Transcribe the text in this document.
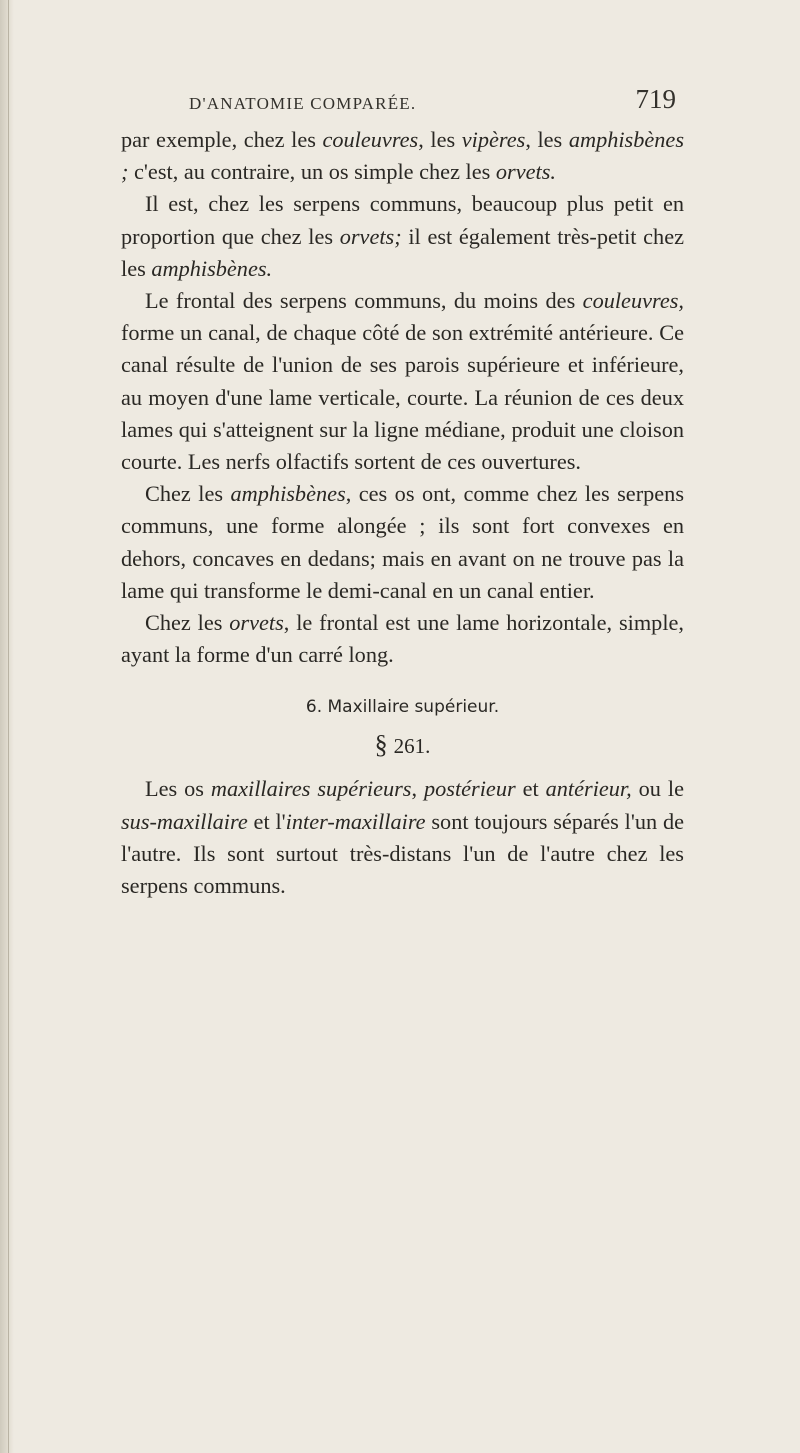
D'ANATOMIE COMPARÉE.	719

par exemple, chez les couleuvres, les vipères, les amphisbènes ; c'est, au contraire, un os simple chez les orvets.

Il est, chez les serpens communs, beaucoup plus petit en proportion que chez les orvets; il est également très-petit chez les amphisbènes.

Le frontal des serpens communs, du moins des couleuvres, forme un canal, de chaque côté de son extrémité antérieure. Ce canal résulte de l'union de ses parois supérieure et inférieure, au moyen d'une lame verticale, courte. La réunion de ces deux lames qui s'atteignent sur la ligne médiane, produit une cloison courte. Les nerfs olfactifs sortent de ces ouvertures.

Chez les amphisbènes, ces os ont, comme chez les serpens communs, une forme alongée ; ils sont fort convexes en dehors, concaves en dedans; mais en avant on ne trouve pas la lame qui transforme le demi-canal en un canal entier.

Chez les orvets, le frontal est une lame horizontale, simple, ayant la forme d'un carré long.

6. Maxillaire supérieur.
§ 261.

Les os maxillaires supérieurs, postérieur et antérieur, ou le sus-maxillaire et l'inter-maxillaire sont toujours séparés l'un de l'autre. Ils sont surtout très-distans l'un de l'autre chez les serpens communs.
